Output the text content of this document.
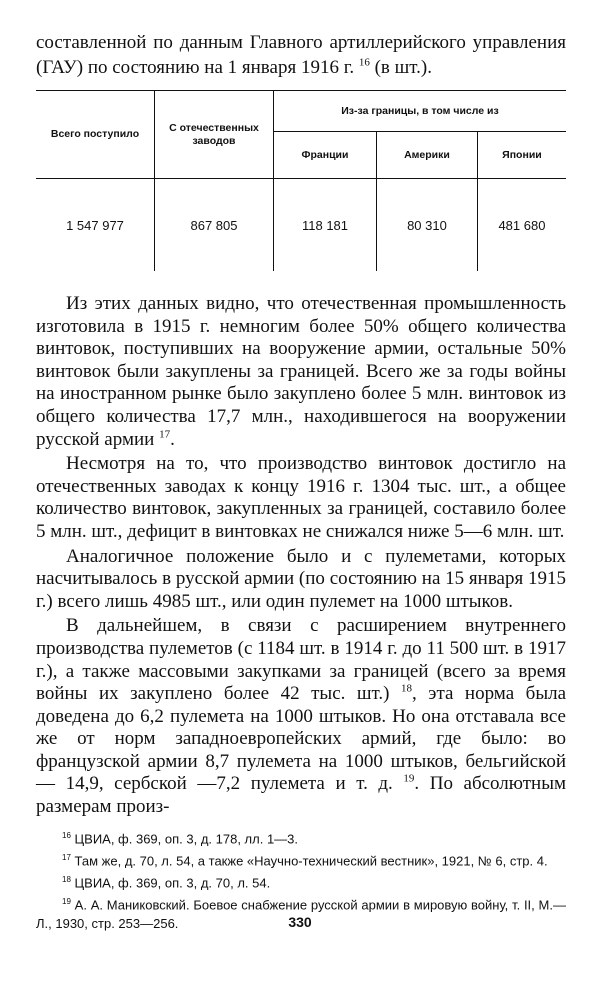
составленной по данным Главного артиллерийского управления (ГАУ) по состоянию на 1 января 1916 г. $^{16}$ (в шт.).

Всего поступило	С отечественных заводов	Из-за границы, в том числе из		
		Франции	Америки	Японии
1 547 977	867 805	118 181	80 310	481 680

Из этих данных видно, что отечественная промышленность изготовила в 1915 г. немногим более 50% общего количества винтовок, поступивших на вооружение армии, остальные 50% винтовок были закуплены за границей. Всего же за годы войны на иностранном рынке было закуплено более 5 млн. винтовок из общего количества 17,7 млн., находившегося на вооружении русской армии $^{17}$.

Несмотря на то, что производство винтовок достигло на отечественных заводах к концу 1916 г. 1304 тыс. шт., а общее количество винтовок, закупленных за границей, составило более 5 млн. шт., дефицит в винтовках не снижался ниже 5—6 млн. шт.

Аналогичное положение было и с пулеметами, которых насчитывалось в русской армии (по состоянию на 15 января 1915 г.) всего лишь 4985 шт., или один пулемет на 1000 штыков.

В дальнейшем, в связи с расширением внутреннего производства пулеметов (с 1184 шт. в 1914 г. до 11 500 шт. в 1917 г.), а также массовыми закупками за границей (всего за время войны их закуплено более 42 тыс. шт.) $^{18}$, эта норма была доведена до 6,2 пулемета на 1000 штыков. Но она отставала все же от норм западноевропейских армий, где было: во французской армии 8,7 пулемета на 1000 штыков, бельгийской — 14,9, сербской —7,2 пулемета и т. д. $^{19}$. По абсолютным размерам произ-

$^{16}$ ЦВИА, ф. 369, оп. 3, д. 178, лл. 1—3.

$^{17}$ Там же, д. 70, л. 54, а также «Научно-технический вестник», 1921, № 6, стр. 4.

$^{18}$ ЦВИА, ф. 369, оп. 3, д. 70, л. 54.

$^{19}$ А. А. Маниковский. Боевое снабжение русской армии в мировую войну, т. II, М.— Л., 1930, стр. 253—256.	330
